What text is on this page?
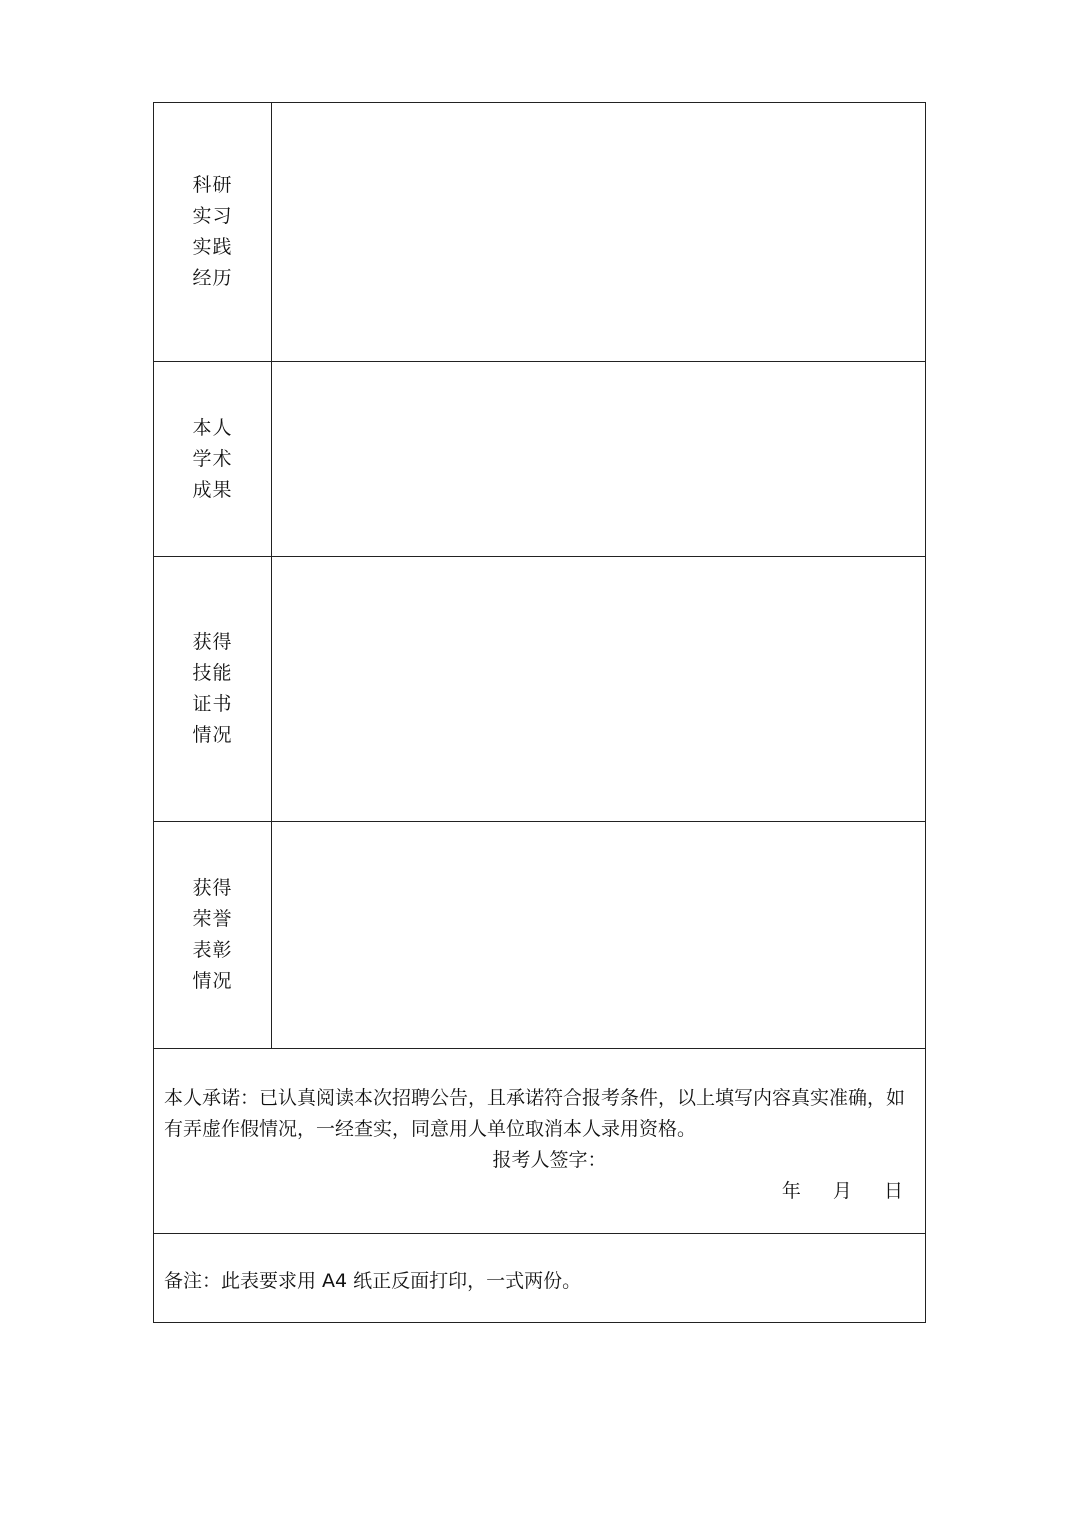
科研
实习
实践
经历
本人
学术
成果
获得
技能
证书
情况
获得
荣誉
表彰
情况
本人承诺：已认真阅读本次招聘公告，且承诺符合报考条件，以上填写内容真实准确，如有弄虚作假情况，一经查实，同意用人单位取消本人录用资格。
报考人签字：
年 月 日
备注：此表要求用 A4 纸正反面打印，一式两份。
